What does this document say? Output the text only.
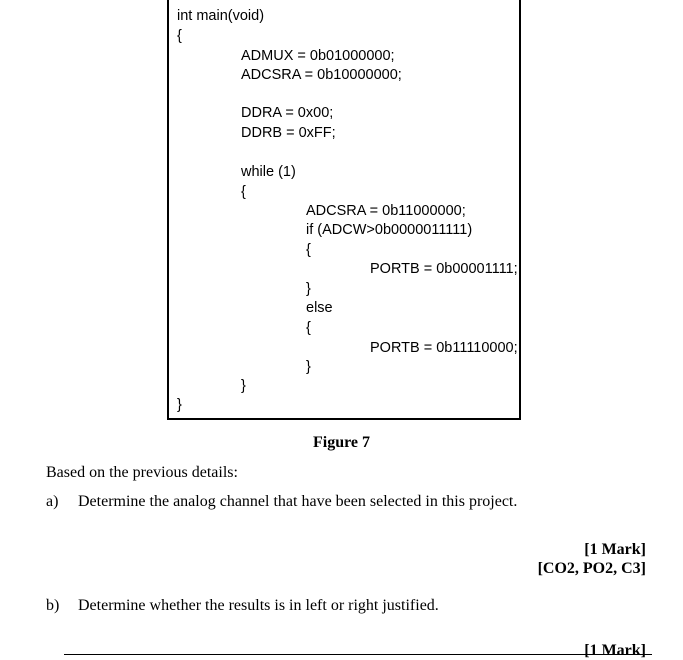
int main(void)
{
ADMUX = 0b01000000;
ADCSRA = 0b10000000;
DDRA = 0x00;
DDRB = 0xFF;
while (1)
{
ADCSRA = 0b11000000;
if (ADCW>0b0000011111)
{
PORTB = 0b00001111;
}
else
{
PORTB = 0b11110000;
}
}
}
Figure 7
Based on the previous details:
a) Determine the analog channel that have been selected in this project.
[1 Mark]
[CO2, PO2, C3]
b) Determine whether the results is in left or right justified.
[1 Mark]
